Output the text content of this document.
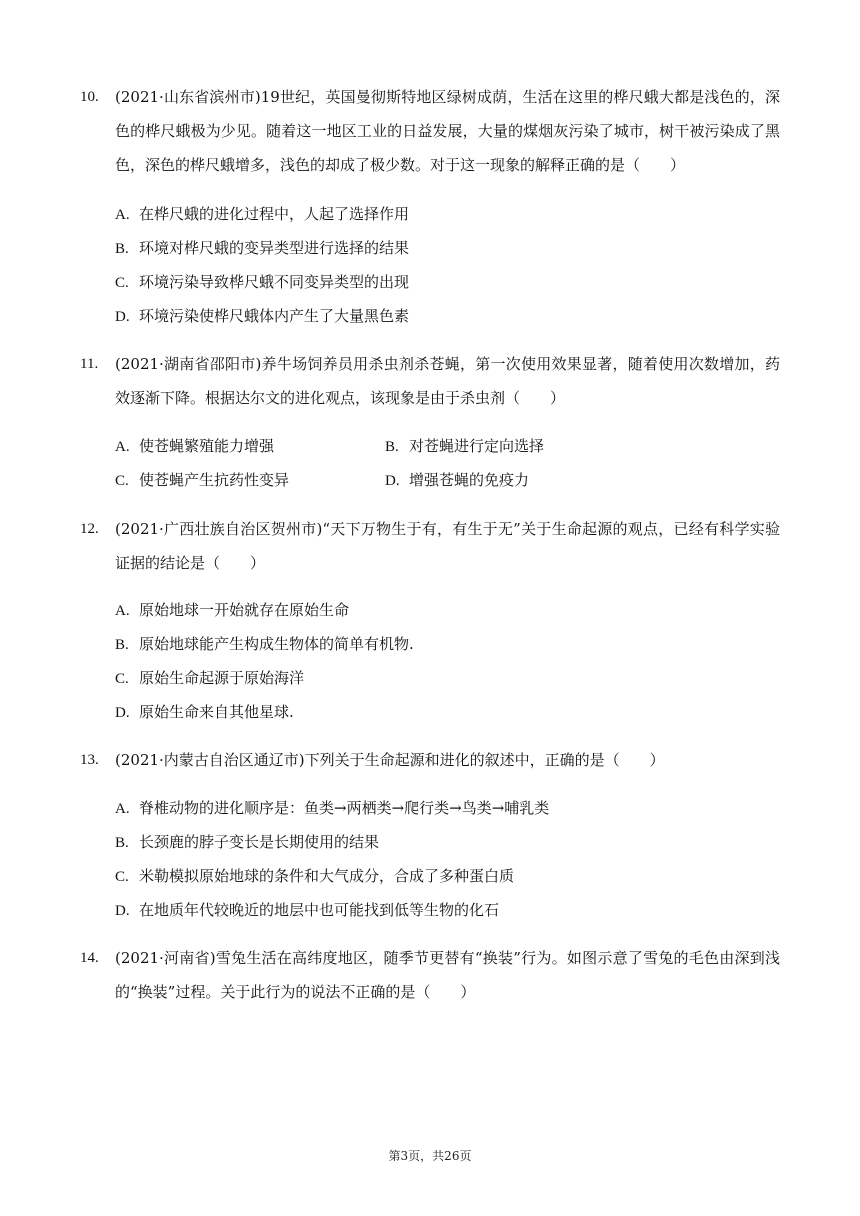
10. (2021·山东省滨州市)19世纪，英国曼彻斯特地区绿树成荫，生活在这里的桦尺蛾大都是浅色的，深色的桦尺蛾极为少见。随着这一地区工业的日益发展，大量的煤烟灰污染了城市，树干被污染成了黑色，深色的桦尺蛾增多，浅色的却成了极少数。对于这一现象的解释正确的是（　　）
A. 在桦尺蛾的进化过程中，人起了选择作用
B. 环境对桦尺蛾的变异类型进行选择的结果
C. 环境污染导致桦尺蛾不同变异类型的出现
D. 环境污染使桦尺蛾体内产生了大量黑色素
11. (2021·湖南省邵阳市)养牛场饲养员用杀虫剂杀苍蝇，第一次使用效果显著，随着使用次数增加，药效逐渐下降。根据达尔文的进化观点，该现象是由于杀虫剂（　　）
A. 使苍蝇繁殖能力增强	B. 对苍蝇进行定向选择
C. 使苍蝇产生抗药性变异	D. 增强苍蝇的免疫力
12. (2021·广西壮族自治区贺州市)“天下万物生于有，有生于无”关于生命起源的观点，已经有科学实验证据的结论是（　　）
A. 原始地球一开始就存在原始生命
B. 原始地球能产生构成生物体的简单有机物.
C. 原始生命起源于原始海洋
D. 原始生命来自其他星球.
13. (2021·内蒙古自治区通辽市)下列关于生命起源和进化的叙述中，正确的是（　　）
A. 脊椎动物的进化顺序是：鱼类→两栖类→爬行类→鸟类→哺乳类
B. 长颈鹿的脖子变长是长期使用的结果
C. 米勒模拟原始地球的条件和大气成分，合成了多种蛋白质
D. 在地质年代较晚近的地层中也可能找到低等生物的化石
14. (2021·河南省)雪兔生活在高纬度地区，随季节更替有“换装”行为。如图示意了雪兔的毛色由深到浅的“换装”过程。关于此行为的说法不正确的是（　　）
第3页，共26页
